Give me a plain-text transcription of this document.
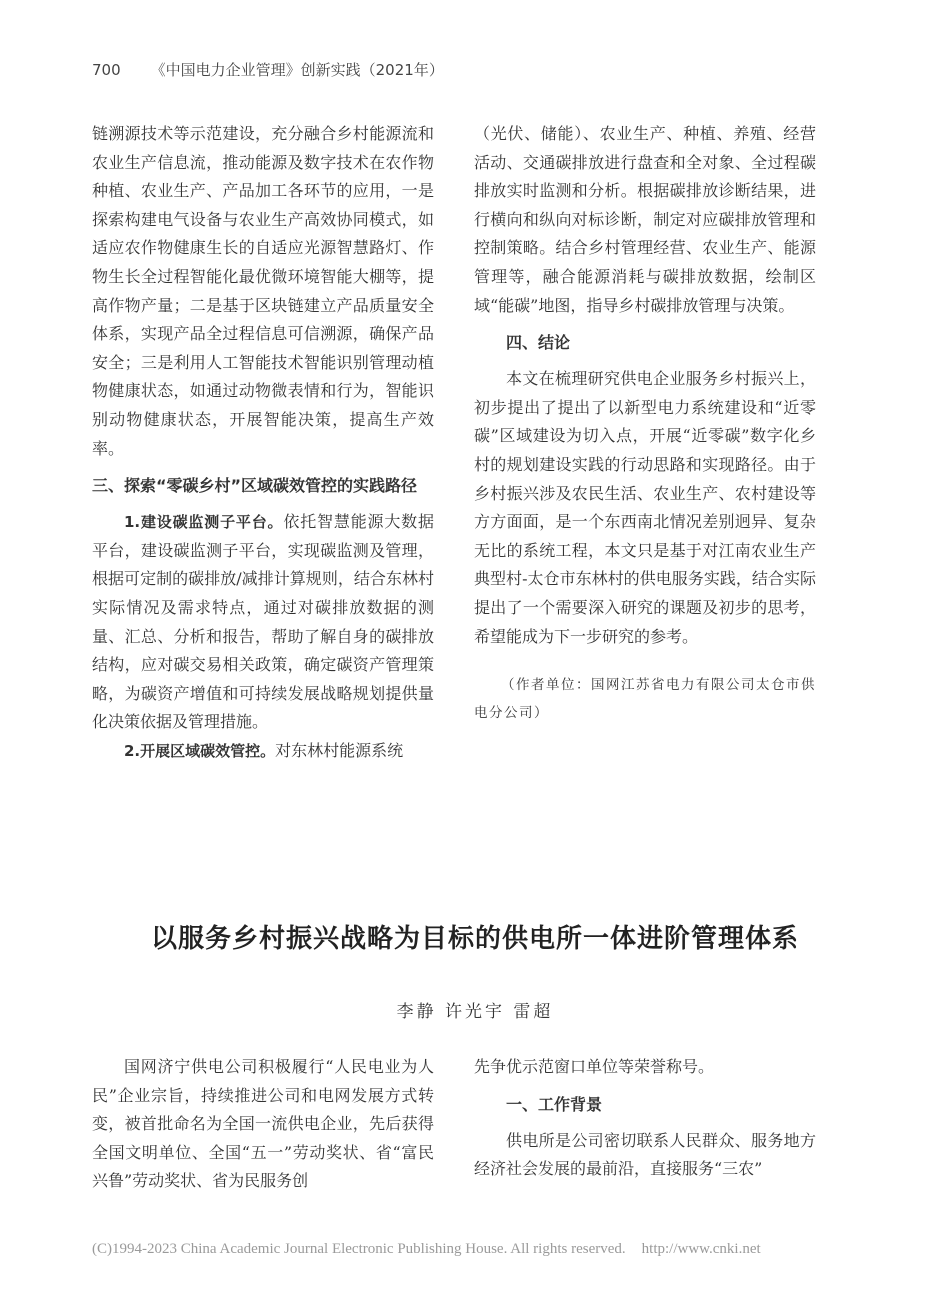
700 《中国电力企业管理》创新实践（2021年）

链溯源技术等示范建设，充分融合乡村能源流和农业生产信息流，推动能源及数字技术在农作物种植、农业生产、产品加工各环节的应用，一是探索构建电气设备与农业生产高效协同模式，如适应农作物健康生长的自适应光源智慧路灯、作物生长全过程智能化最优微环境智能大棚等，提高作物产量；二是基于区块链建立产品质量安全体系，实现产品全过程信息可信溯源，确保产品安全；三是利用人工智能技术智能识别管理动植物健康状态，如通过动物微表情和行为，智能识别动物健康状态，开展智能决策，提高生产效率。

三、探索“零碳乡村”区域碳效管控的实践路径

1.建设碳监测子平台。依托智慧能源大数据平台，建设碳监测子平台，实现碳监测及管理，根据可定制的碳排放/减排计算规则，结合东林村实际情况及需求特点，通过对碳排放数据的测量、汇总、分析和报告，帮助了解自身的碳排放结构，应对碳交易相关政策，确定碳资产管理策略，为碳资产增值和可持续发展战略规划提供量化决策依据及管理措施。

2.开展区域碳效管控。对东林村能源系统

（光伏、储能）、农业生产、种植、养殖、经营活动、交通碳排放进行盘查和全对象、全过程碳排放实时监测和分析。根据碳排放诊断结果，进行横向和纵向对标诊断，制定对应碳排放管理和控制策略。结合乡村管理经营、农业生产、能源管理等，融合能源消耗与碳排放数据，绘制区域“能碳”地图，指导乡村碳排放管理与决策。

四、结论

本文在梳理研究供电企业服务乡村振兴上，初步提出了提出了以新型电力系统建设和“近零碳”区域建设为切入点，开展“近零碳”数字化乡村的规划建设实践的行动思路和实现路径。由于乡村振兴涉及农民生活、农业生产、农村建设等方方面面，是一个东西南北情况差别迥异、复杂无比的系统工程，本文只是基于对江南农业生产典型村-太仓市东林村的供电服务实践，结合实际提出了一个需要深入研究的课题及初步的思考，希望能成为下一步研究的参考。

（作者单位：国网江苏省电力有限公司太仓市供电分公司）

以服务乡村振兴战略为目标的供电所一体进阶管理体系
李静 许光宇 雷超

国网济宁供电公司积极履行“人民电业为人民”企业宗旨，持续推进公司和电网发展方式转变，被首批命名为全国一流供电企业，先后获得全国文明单位、全国“五一”劳动奖状、省“富民兴鲁”劳动奖状、省为民服务创

先争优示范窗口单位等荣誉称号。

一、工作背景

供电所是公司密切联系人民群众、服务地方经济社会发展的最前沿，直接服务“三农”

(C)1994-2023 China Academic Journal Electronic Publishing House. All rights reserved. http://www.cnki.net
